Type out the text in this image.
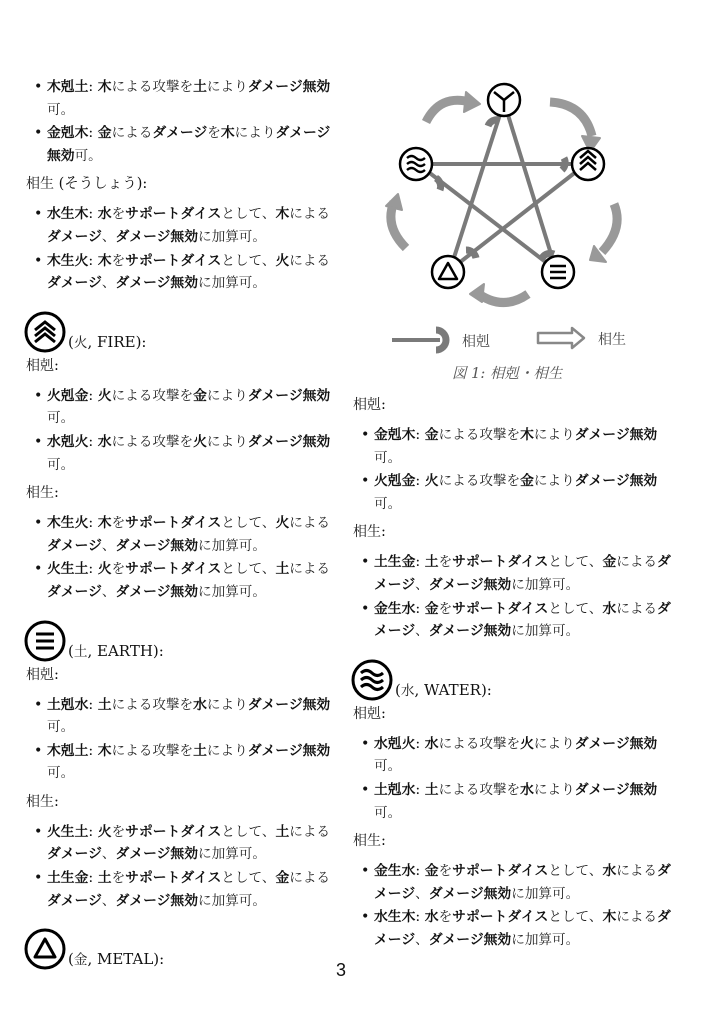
• 木剋土: 木による攻撃を土によりダメージ無効可。
• 金剋木: 金によるダメージを木によりダメージ無効可。
相生 (そうしょう):
• 水生木: 水をサポートダイスとして、木によるダメージ、ダメージ無効に加算可。
• 木生火: 木をサポートダイスとして、火によるダメージ、ダメージ無効に加算可。
(火, FIRE):
相剋:
• 火剋金: 火による攻撃を金によりダメージ無効可。
• 水剋火: 水による攻撃を火によりダメージ無効可。
相生:
• 木生火: 木をサポートダイスとして、火によるダメージ、ダメージ無効に加算可。
• 火生土: 火をサポートダイスとして、土によるダメージ、ダメージ無効に加算可。
(土, EARTH):
相剋:
• 土剋水: 土による攻撃を水によりダメージ無効可。
• 木剋土: 木による攻撃を土によりダメージ無効可。
相生:
• 火生土: 火をサポートダイスとして、土によるダメージ、ダメージ無効に加算可。
• 土生金: 土をサポートダイスとして、金によるダメージ、ダメージ無効に加算可。
(金, METAL):
相剋	相生
図 1: 相剋・相生
相剋:
• 金剋木: 金による攻撃を木によりダメージ無効可。
• 火剋金: 火による攻撃を金によりダメージ無効可。
相生:
• 土生金: 土をサポートダイスとして、金によるダメージ、ダメージ無効に加算可。
• 金生水: 金をサポートダイスとして、水によるダメージ、ダメージ無効に加算可。
(水, WATER):
相剋:
• 水剋火: 水による攻撃を火によりダメージ無効可。
• 土剋水: 土による攻撃を水によりダメージ無効可。
相生:
• 金生水: 金をサポートダイスとして、水によるダメージ、ダメージ無効に加算可。
• 水生木: 水をサポートダイスとして、木によるダメージ、ダメージ無効に加算可。
3
